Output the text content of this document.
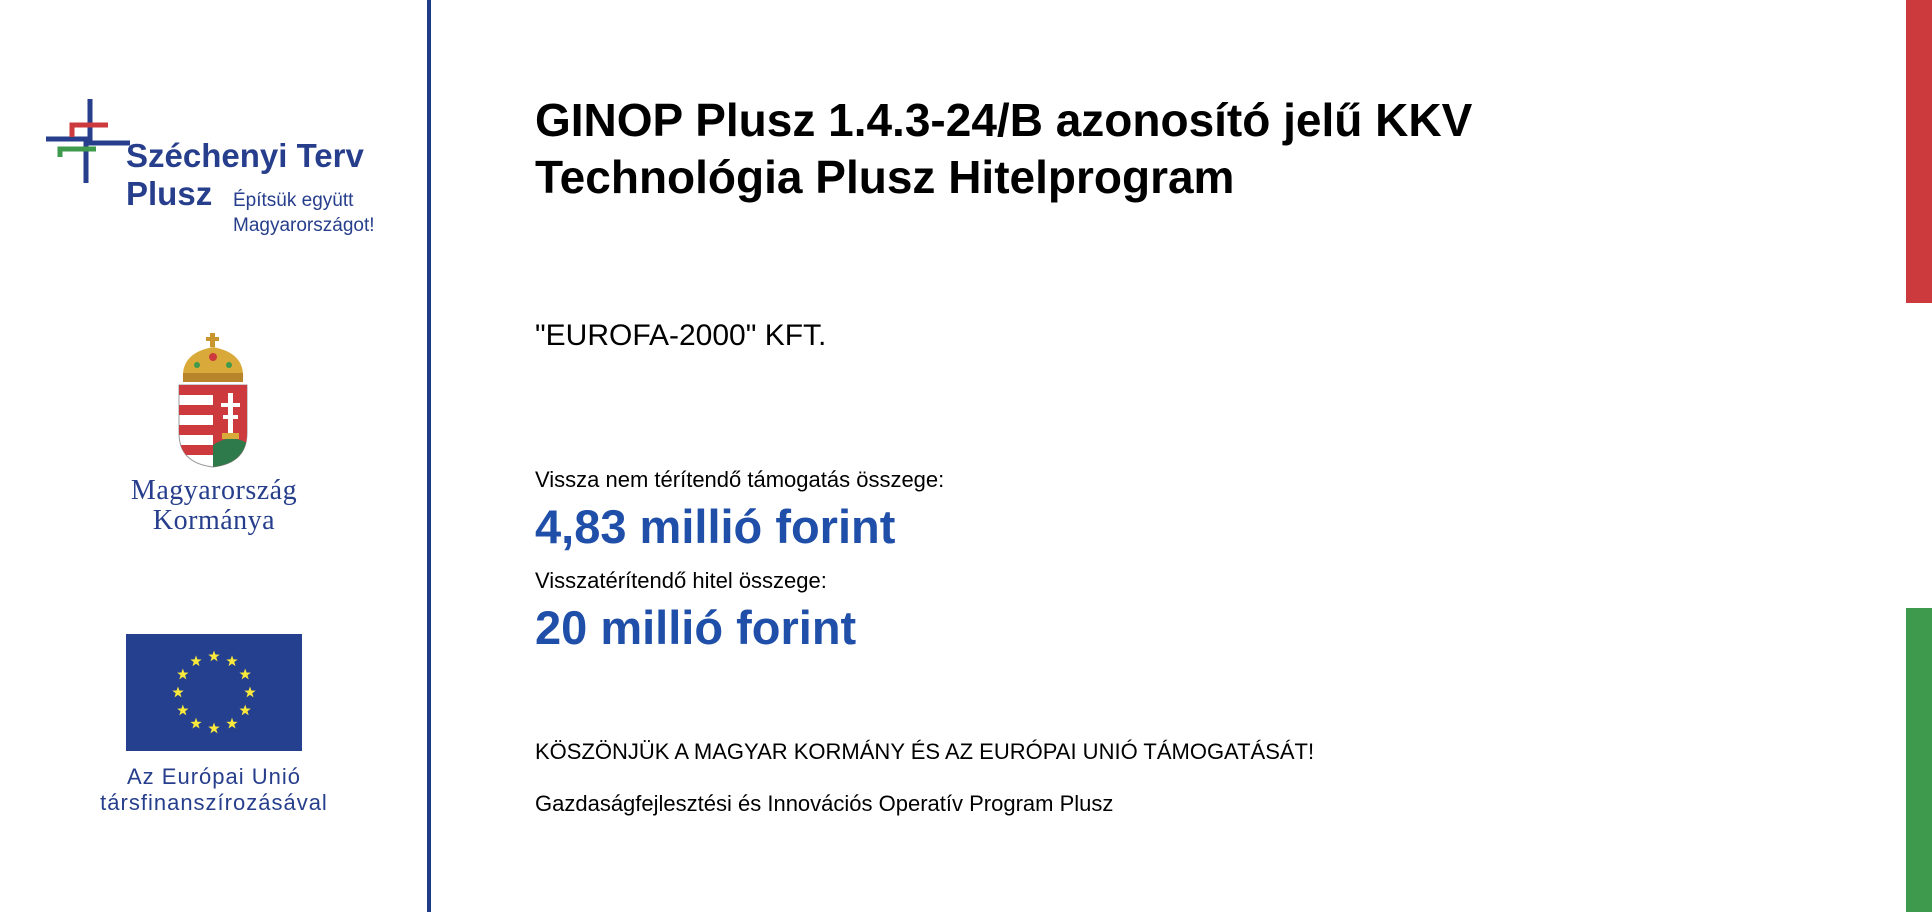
Széchenyi Terv

Plusz Építsük együtt
Magyarországot!

Magyarország
Kormánya
Az Európai Unió
társfinanszírozásával
GINOP Plusz 1.4.3-24/B azonosító jelű KKV
Technológia Plusz Hitelprogram

"EUROFA-2000" KFT.

Vissza nem térítendő támogatás összege:

4,83 millió forint

Visszatérítendő hitel összege:

20 millió forint

KÖSZÖNJÜK A MAGYAR KORMÁNY ÉS AZ EURÓPAI UNIÓ TÁMOGATÁSÁT!

Gazdaságfejlesztési és Innovációs Operatív Program Plusz
